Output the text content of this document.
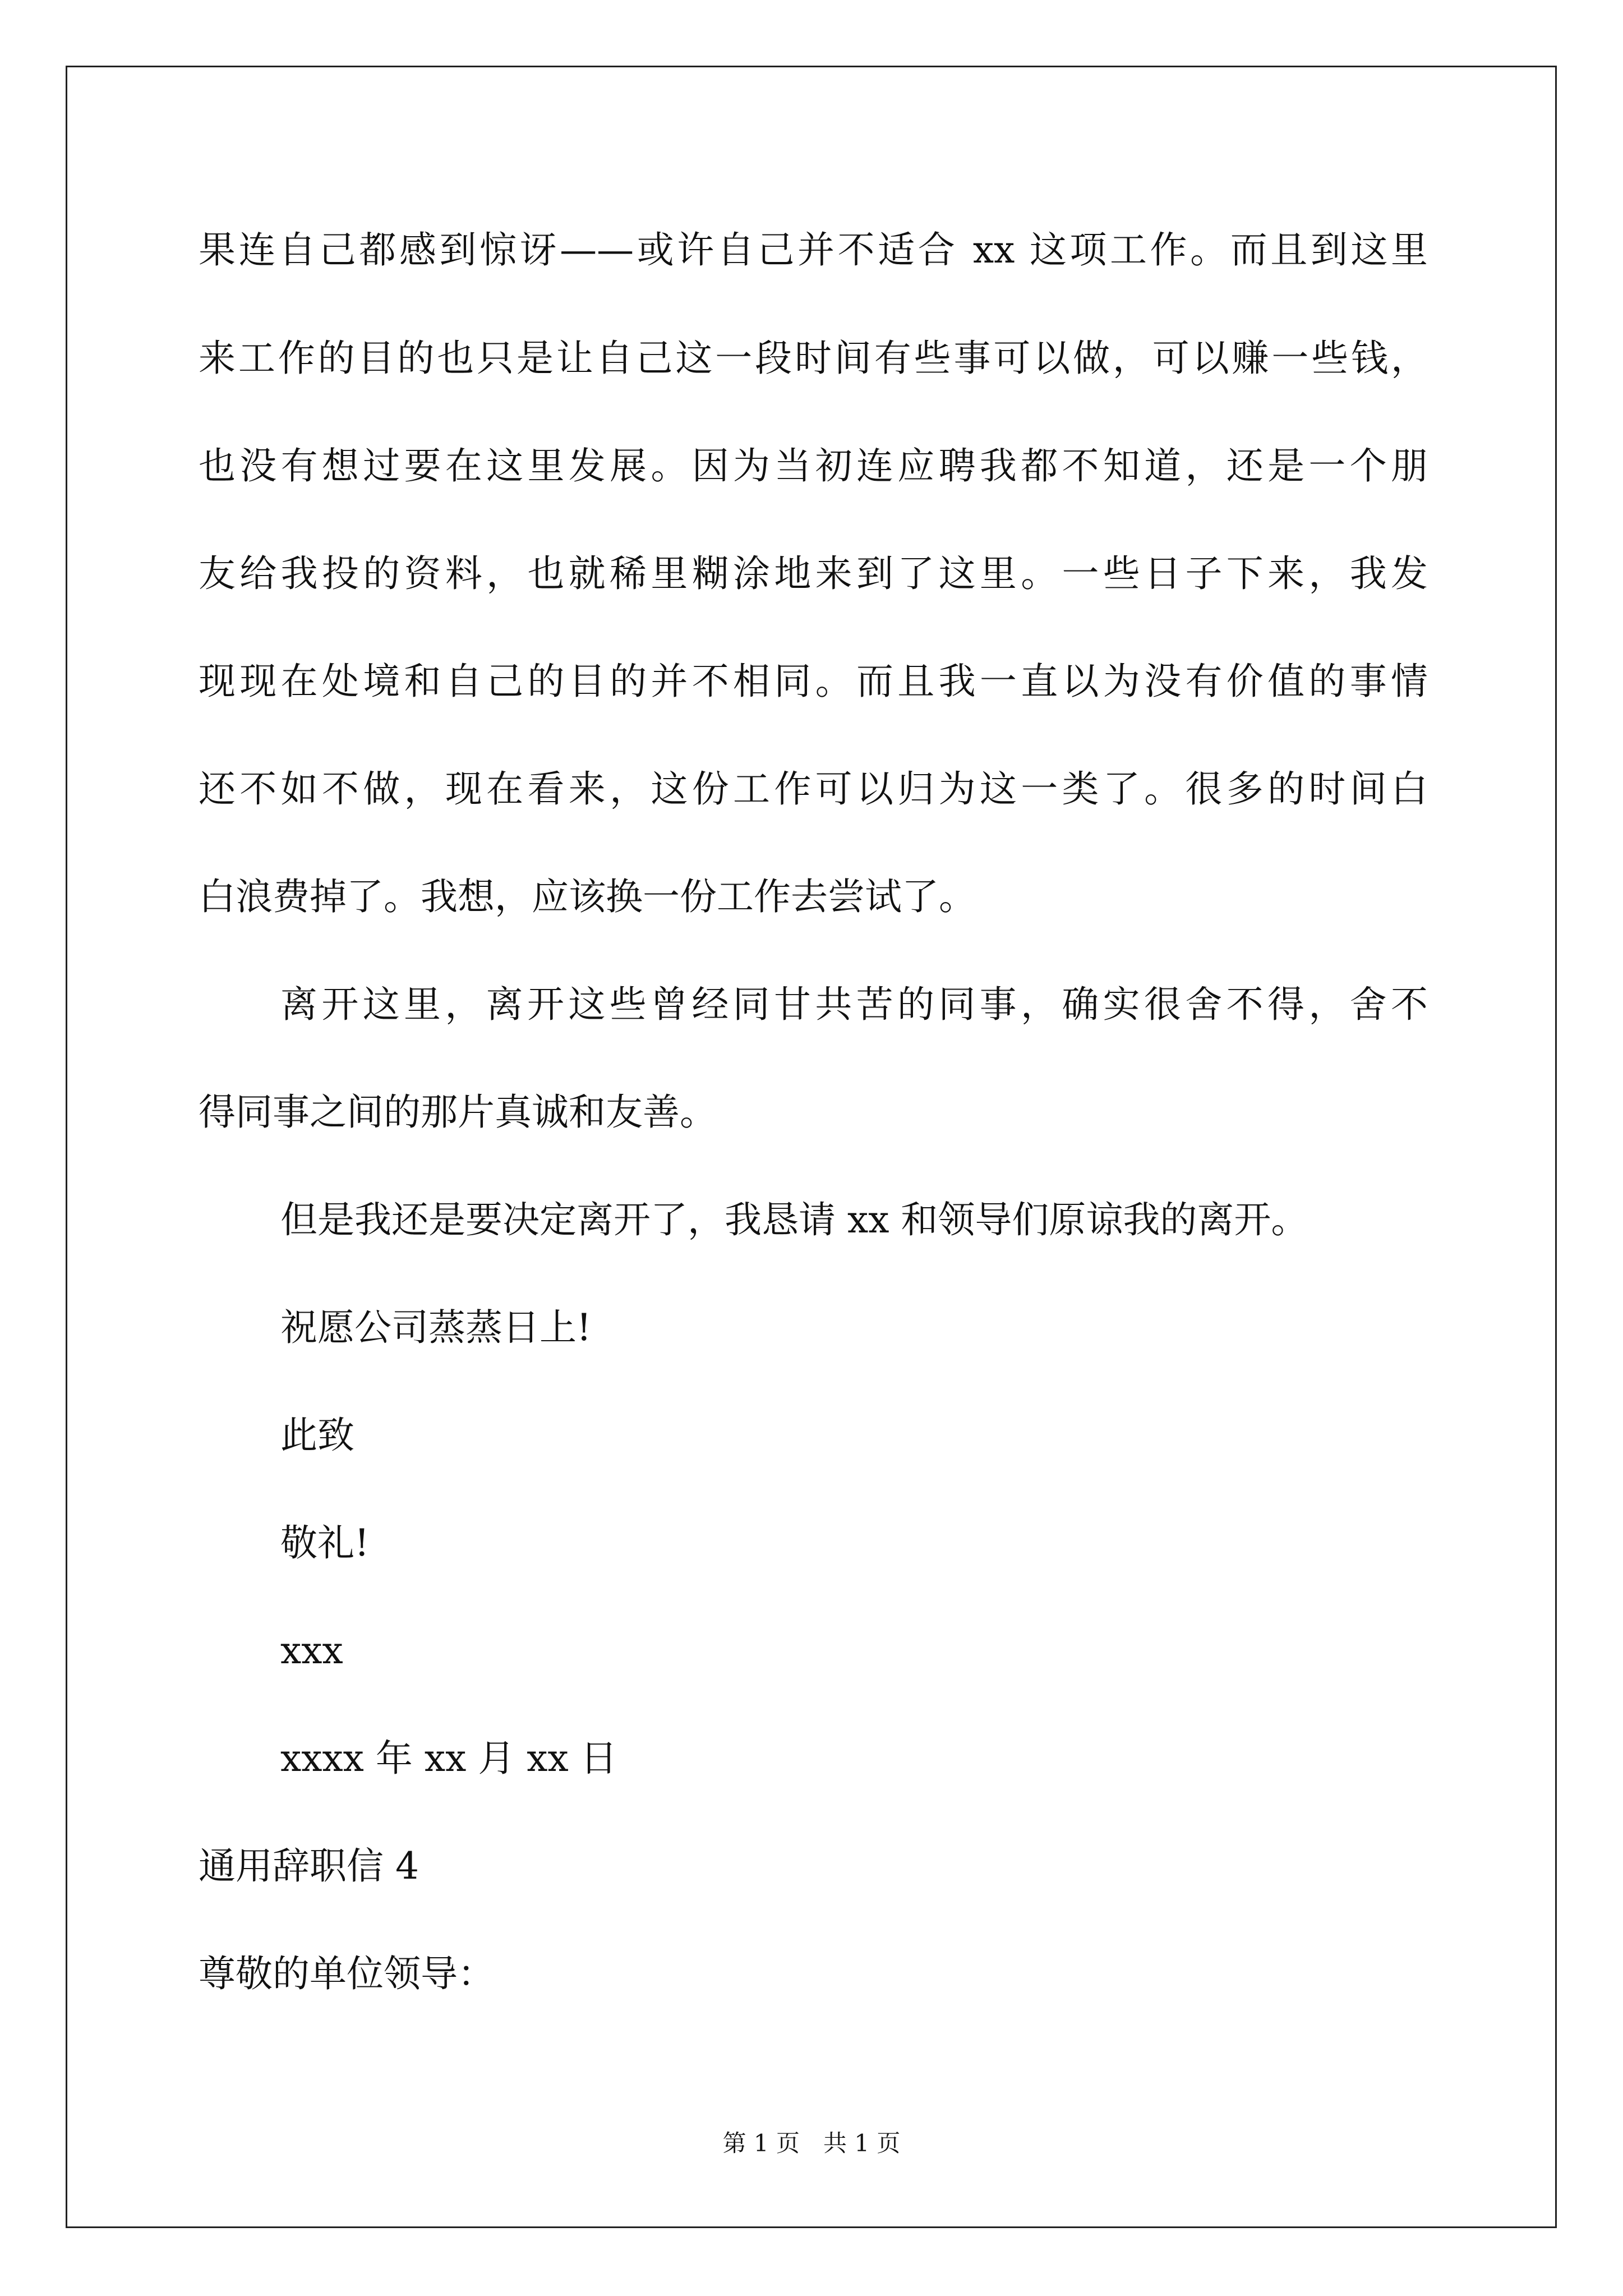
果连自己都感到惊讶——或许自己并不适合 xx 这项工作。而且到这里
来工作的目的也只是让自己这一段时间有些事可以做，可以赚一些钱，
也没有想过要在这里发展。因为当初连应聘我都不知道，还是一个朋
友给我投的资料，也就稀里糊涂地来到了这里。一些日子下来，我发
现现在处境和自己的目的并不相同。而且我一直以为没有价值的事情
还不如不做，现在看来，这份工作可以归为这一类了。很多的时间白
白浪费掉了。我想，应该换一份工作去尝试了。
离开这里，离开这些曾经同甘共苦的同事，确实很舍不得，舍不
得同事之间的那片真诚和友善。
但是我还是要决定离开了，我恳请 xx 和领导们原谅我的离开。
祝愿公司蒸蒸日上!
此致
敬礼!
xxx
xxxx 年 xx 月 xx 日
通用辞职信 4
尊敬的单位领导：
第 1 页　共 1 页
